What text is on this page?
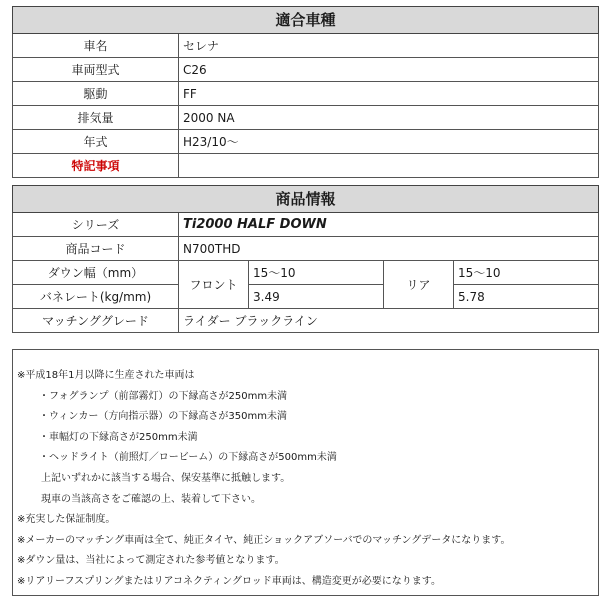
適合車種	
車名	セレナ
車両型式	C26
駆動	FF
排気量	2000 NA
年式	H23/10〜
特記事項	
商品情報				
シリーズ	Ti2000 HALF DOWN			
商品コード	N700THD			
ダウン幅（mm）	フロント	15〜10	リア	15〜10
バネレート(kg/mm)		3.49		5.78
マッチンググレード	ライダー ブラックライン			
※平成18年1月以降に生産された車両は
・フォグランプ（前部霧灯）の下縁高さが250mm未満
・ウィンカー（方向指示器）の下縁高さが350mm未満
・車幅灯の下縁高さが250mm未満
・ヘッドライト（前照灯／ロービーム）の下縁高さが500mm未満
上記いずれかに該当する場合、保安基準に抵触します。
現車の当該高さをご確認の上、装着して下さい。
※充実した保証制度。
※メーカーのマッチング車両は全て、純正タイヤ、純正ショックアブソーバでのマッチングデータになります。
※ダウン量は、当社によって測定された参考値となります。
※リアリーフスプリングまたはリアコネクティングロッド車両は、構造変更が必要になります。
